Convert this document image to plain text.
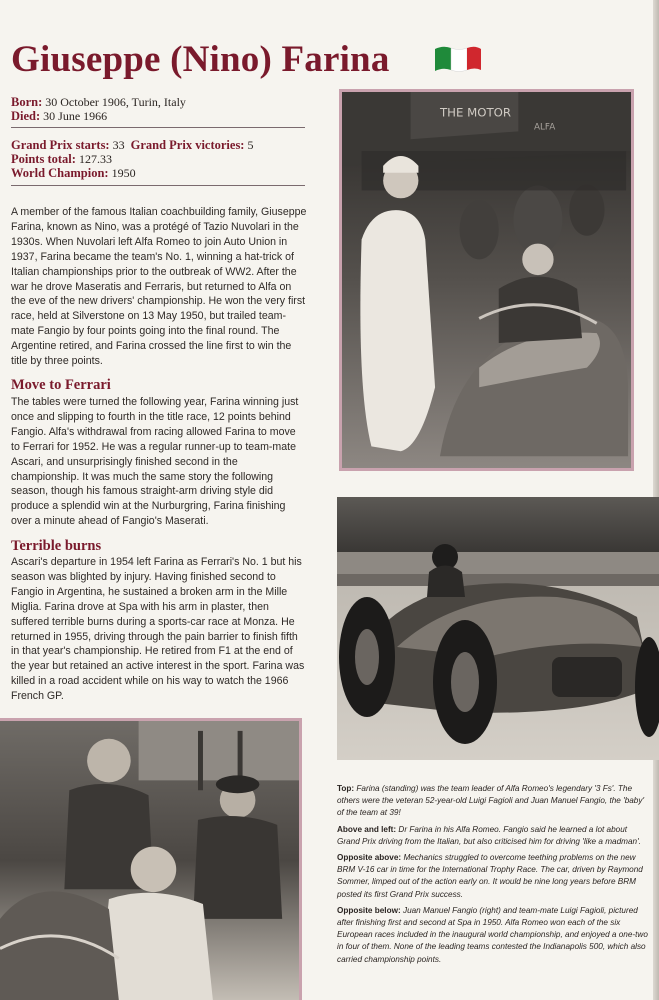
Giuseppe (Nino) Farina
Born: 30 October 1906, Turin, Italy
Died: 30 June 1966
Grand Prix starts: 33 Grand Prix victories: 5
Points total: 127.33
World Champion: 1950

A member of the famous Italian coachbuilding family, Giuseppe Farina, known as Nino, was a protégé of Tazio Nuvolari in the 1930s. When Nuvolari left Alfa Romeo to join Auto Union in 1937, Farina became the team's No. 1, winning a hat-trick of Italian championships prior to the outbreak of WW2. After the war he drove Maseratis and Ferraris, but returned to Alfa on the eve of the new drivers' championship. He won the very first race, held at Silverstone on 13 May 1950, but trailed team-mate Fangio by four points going into the final round. The Argentine retired, and Farina crossed the line first to win the title by three points.

Move to Ferrari

The tables were turned the following year, Farina winning just once and slipping to fourth in the title race, 12 points behind Fangio. Alfa's withdrawal from racing allowed Farina to move to Ferrari for 1952. He was a regular runner-up to team-mate Ascari, and unsurprisingly finished second in the championship. It was much the same story the following season, though his famous straight-arm driving style did produce a splendid win at the Nurburgring, Farina finishing over a minute ahead of Fangio's Maserati.

Terrible burns

Ascari's departure in 1954 left Farina as Ferrari's No. 1 but his season was blighted by injury. Having finished second to Fangio in Argentina, he sustained a broken arm in the Mille Miglia. Farina drove at Spa with his arm in plaster, then suffered terrible burns during a sports-car race at Monza. He returned in 1955, driving through the pain barrier to finish fifth in that year's championship. He retired from F1 at the end of the year but retained an active interest in the sport. Farina was killed in a road accident while on his way to watch the 1966 French GP.

THE MOTOR
ALFA

Top: Farina (standing) was the team leader of Alfa Romeo's legendary '3 Fs'. The others were the veteran 52-year-old Luigi Fagioli and Juan Manuel Fangio, the 'baby' of the team at 39!

Above and left: Dr Farina in his Alfa Romeo. Fangio said he learned a lot about Grand Prix driving from the Italian, but also criticised him for driving 'like a madman'.

Opposite above: Mechanics struggled to overcome teething problems on the new BRM V-16 car in time for the International Trophy Race. The car, driven by Raymond Sommer, limped out of the action early on. It would be nine long years before BRM posted its first Grand Prix success.

Opposite below: Juan Manuel Fangio (right) and team-mate Luigi Fagioli, pictured after finishing first and second at Spa in 1950. Alfa Romeo won each of the six European races included in the inaugural world championship, and enjoyed a one-two in four of them. None of the leading teams contested the Indianapolis 500, which also carried championship points.
